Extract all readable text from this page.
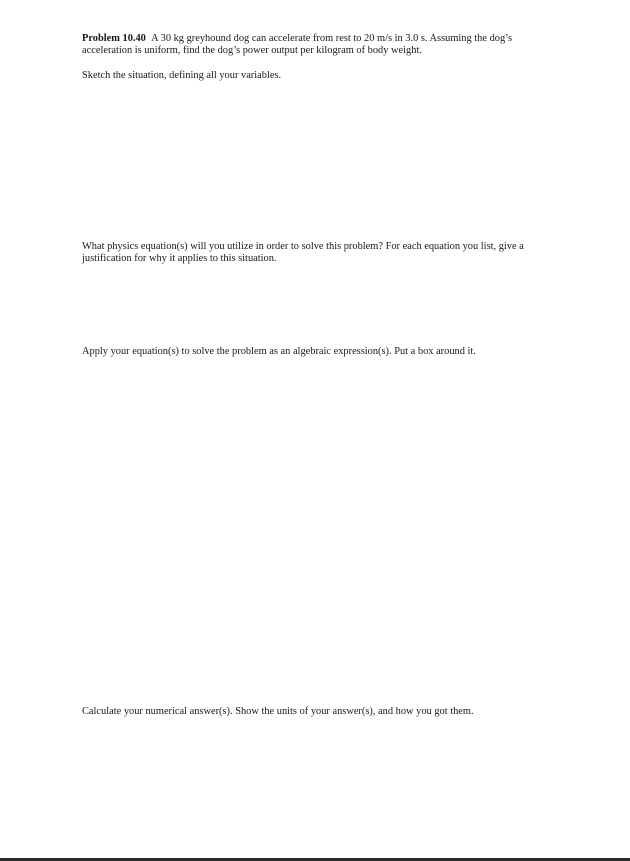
Problem 10.40 A 30 kg greyhound dog can accelerate from rest to 20 m/s in 3.0 s. Assuming the dog’s
acceleration is uniform, find the dog’s power output per kilogram of body weight.
Sketch the situation, defining all your variables.
What physics equation(s) will you utilize in order to solve this problem? For each equation you list, give a
justification for why it applies to this situation.
Apply your equation(s) to solve the problem as an algebraic expression(s). Put a box around it.
Calculate your numerical answer(s). Show the units of your answer(s), and how you got them.
